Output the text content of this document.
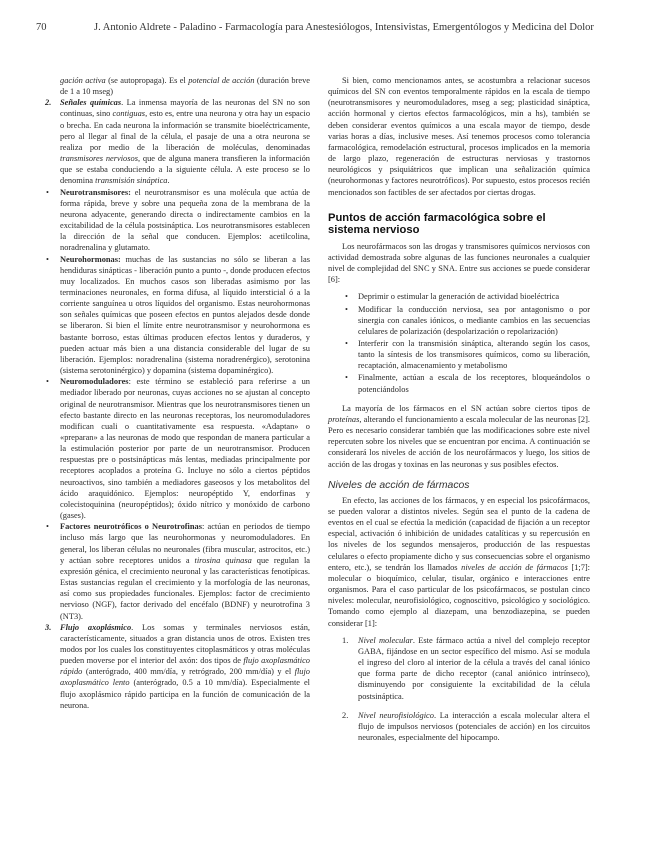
70	J. Antonio Aldrete - Paladino - Farmacología para Anestesiólogos, Intensivistas, Emergentólogos y Medicina del Dolor

gación activa (se autopropaga). Es el potencial de acción (duración breve de 1 a 10 mseg)

2. Señales químicas. La inmensa mayoría de las neuronas del SN no son continuas, sino contiguas, esto es, entre una neurona y otra hay un espacio o brecha. En cada neurona la información se transmite bioeléctricamente, pero al llegar al final de la célula, el pasaje de una a otra neurona se realiza por medio de la liberación de moléculas, denominadas transmisores nerviosos, que de alguna manera transfieren la información que se estaba conduciendo a la siguiente célula. A este proceso se lo denomina transmisión sináptica.

• Neurotransmisores: el neurotransmisor es una molécula que actúa de forma rápida, breve y sobre una pequeña zona de la membrana de la neurona adyacente, generando directa o indirectamente cambios en la excitabilidad de la célula postsináptica. Los neurotransmisores establecen la dirección de la señal que conducen. Ejemplos: acetilcolina, noradrenalina y glutamato.

• Neurohormonas: muchas de las sustancias no sólo se liberan a las hendiduras sinápticas - liberación punto a punto -, donde producen efectos muy localizados. En muchos casos son liberadas asimismo por las terminaciones neuronales, en forma difusa, al líquido intersticial ó a la corriente sanguínea u otros líquidos del organismo. Estas neurohormonas son señales químicas que poseen efectos en puntos alejados desde donde se liberaron. Si bien el límite entre neurotransmisor y neurohormona es bastante borroso, estas últimas producen efectos lentos y duraderos, y pueden actuar más bien a una distancia considerable del lugar de su liberación. Ejemplos: noradrenalina (sistema noradrenérgico), serotonina (sistema serotoninérgico) y dopamina (sistema dopaminérgico).

• Neuromoduladores: este término se estableció para referirse a un mediador liberado por neuronas, cuyas acciones no se ajustan al concepto original de neurotransmisor. Mientras que los neurotransmisores tienen un efecto bastante directo en las neuronas receptoras, los neuromoduladores modifican cuali o cuantitativamente esa respuesta. «Adaptan» o «preparan» a las neuronas de modo que respondan de manera particular a la estimulación posterior por parte de un neurotransmisor. Producen respuestas pre o postsinápticas más lentas, mediadas principalmente por receptores acoplados a proteína G. Incluye no sólo a ciertos péptidos neuroactivos, sino también a mediadores gaseosos y los metabolitos del ácido araquidónico. Ejemplos: neuropéptido Y, endorfinas y colecistoquinina (neuropéptidos); óxido nítrico y monóxido de carbono (gases).

• Factores neurotróficos o Neurotrofinas: actúan en periodos de tiempo incluso más largo que las neurohormonas y neuromoduladores. En general, los liberan células no neuronales (fibra muscular, astrocitos, etc.) y actúan sobre receptores unidos a tirosina quinasa que regulan la expresión génica, el crecimiento neuronal y las características fenotípicas. Estas sustancias regulan el crecimiento y la morfología de las neuronas, así como sus propiedades funcionales. Ejemplos: factor de crecimiento nervioso (NGF), factor derivado del encéfalo (BDNF) y neurotrofina 3 (NT3).

3. Flujo axoplásmico. Los somas y terminales nerviosos están, característicamente, situados a gran distancia unos de otros. Existen tres modos por los cuales los constituyentes citoplasmáticos y otras moléculas pueden moverse por el interior del axón: dos tipos de flujo axoplasmático rápido (anterógrado, 400 mm/día, y retrógrado, 200 mm/día) y el flujo axoplasmático lento (anterógrado, 0.5 a 10 mm/día). Especialmente el flujo axoplásmico rápido participa en la función de comunicación de la neurona.

Si bien, como mencionamos antes, se acostumbra a relacionar sucesos químicos del SN con eventos temporalmente rápidos en la escala de tiempo (neurotransmisores y neuromoduladores, mseg a seg; plasticidad sináptica, acción hormonal y ciertos efectos farmacológicos, min a hs), también se deben considerar eventos químicos a una escala mayor de tiempo, desde varias horas a días, inclusive meses. Así tenemos procesos como tolerancia farmacológica, remodelación estructural, procesos implicados en la memoria de largo plazo, regeneración de estructuras nerviosas y trastornos neurológicos y psiquiátricos que implican una señalización química (neurohormonas y factores neurotróficos). Por supuesto, estos procesos recién mencionados son factibles de ser afectados por ciertas drogas.

Puntos de acción farmacológica sobre el sistema nervioso

Los neurofármacos son las drogas y transmisores químicos nerviosos con actividad demostrada sobre algunas de las funciones neuronales a cualquier nivel de complejidad del SNC y SNA. Entre sus acciones se puede considerar [6]:

• Deprimir o estimular la generación de actividad bioeléctrica
• Modificar la conducción nerviosa, sea por antagonismo o por sinergia con canales iónicos, o mediante cambios en las secuencias celulares de polarización (despolarización o repolarización)
• Interferir con la transmisión sináptica, alterando según los casos, tanto la síntesis de los transmisores químicos, como su liberación, recaptación, almacenamiento y metabolismo
• Finalmente, actúan a escala de los receptores, bloqueándolos o potenciándolos

La mayoría de los fármacos en el SN actúan sobre ciertos tipos de proteínas, alterando el funcionamiento a escala molecular de las neuronas [2]. Pero es necesario considerar también que las modificaciones sobre este nivel repercuten sobre los niveles que se encuentran por encima. A continuación se considerará los niveles de acción de los neurofármacos y luego, los sitios de acción de las drogas y toxinas en las neuronas y sus posibles efectos.

Niveles de acción de fármacos

En efecto, las acciones de los fármacos, y en especial los psicofármacos, se pueden valorar a distintos niveles. Según sea el punto de la cadena de eventos en el cual se efectúa la medición (capacidad de fijación a un receptor especial, activación ó inhibición de unidades catalíticas y su repercusión en los niveles de los segundos mensajeros, producción de las respuestas celulares o efecto propiamente dicho y sus consecuencias sobre el organismo entero, etc.), se tendrán los llamados niveles de acción de fármacos [1;7]: molecular o bioquímico, celular, tisular, orgánico e interacciones entre organismos. Para el caso particular de los psicofármacos, se postulan cinco niveles: molecular, neurofisiológico, cognoscitivo, psicológico y sociológico. Tomando como ejemplo al diazepam, una benzodiazepina, se pueden considerar [1]:

1. Nivel molecular. Este fármaco actúa a nivel del complejo receptor GABA, fijándose en un sector específico del mismo. Así se modula el ingreso del cloro al interior de la célula a través del canal iónico que forma parte de dicho receptor (canal aniónico intrínseco), disminuyendo por consiguiente la excitabilidad de la célula postsináptica.
2. Nivel neurofisiológico. La interacción a escala molecular altera el flujo de impulsos nerviosos (potenciales de acción) en los circuitos neuronales, especialmente del hipocampo.
